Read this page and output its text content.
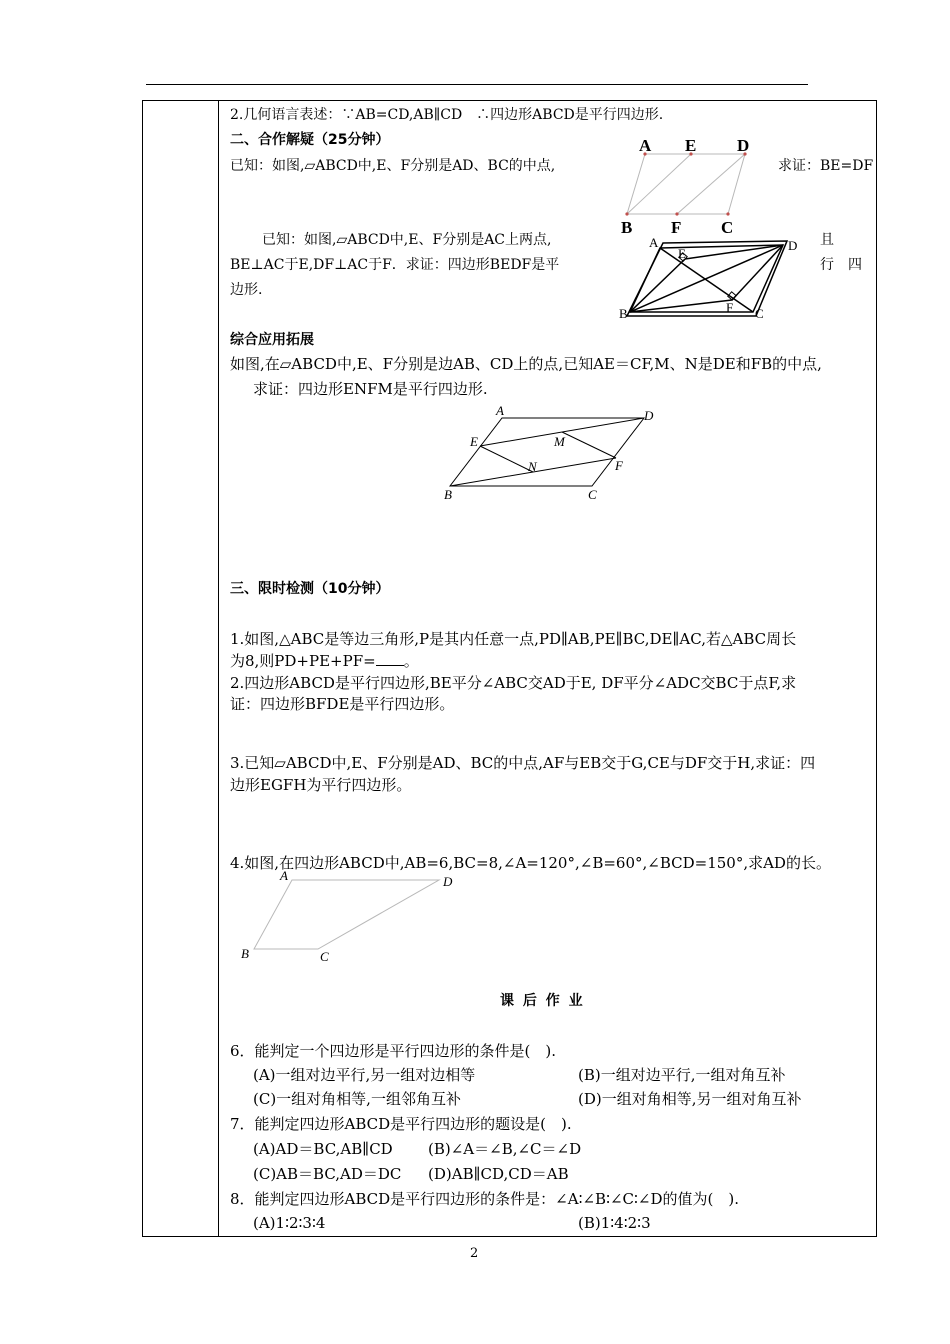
2.几何语言表述：∵AB=CD,AB∥CD　∴四边形ABCD是平行四边形.
二、合作解疑（25分钟）
已知：如图,▱ABCD中,E、F分别是AD、BC的中点,	求证：BE=DF
A E D
B F C
已知：如图,▱ABCD中,E、F分别是AC上两点,	且
BE⊥AC于E,DF⊥AC于F．求证：四边形BEDF是平	行　四
边形.
A
E
D
B	F C
综合应用拓展
如图,在▱ABCD中,E、F分别是边AB、CD上的点,已知AE＝CF,M、N是DE和FB的中点,
求证：四边形ENFM是平行四边形.
A	D
E	M
N	F
B	C
三、限时检测（10分钟）
1.如图,△ABC是等边三角形,P是其内任意一点,PD∥AB,PE∥BC,DE∥AC,若△ABC周长
为8,则PD+PE+PF= 。
2.四边形ABCD是平行四边形,BE平分∠ABC交AD于E, DF平分∠ADC交BC于点F,求
证：四边形BFDE是平行四边形。
3.已知▱ABCD中,E、F分别是AD、BC的中点,AF与EB交于G,CE与DF交于H,求证：四
边形EGFH为平行四边形。
4.如图,在四边形ABCD中,AB=6,BC=8,∠A=120°,∠B=60°,∠BCD=150°,求AD的长。
A	D
B	C
课 后 作 业
6．能判定一个四边形是平行四边形的条件是(　).
(A)一组对边平行,另一组对边相等	(B)一组对边平行,一组对角互补
(C)一组对角相等,一组邻角互补	(D)一组对角相等,另一组对角互补
7．能判定四边形ABCD是平行四边形的题设是(　).
(A)AD＝BC,AB∥CD (B)∠A＝∠B,∠C＝∠D
(C)AB＝BC,AD＝DC (D)AB∥CD,CD＝AB
8．能判定四边形ABCD是平行四边形的条件是：∠A∶∠B∶∠C∶∠D的值为(　).
(A)1∶2∶3∶4	(B)1∶4∶2∶3
2
